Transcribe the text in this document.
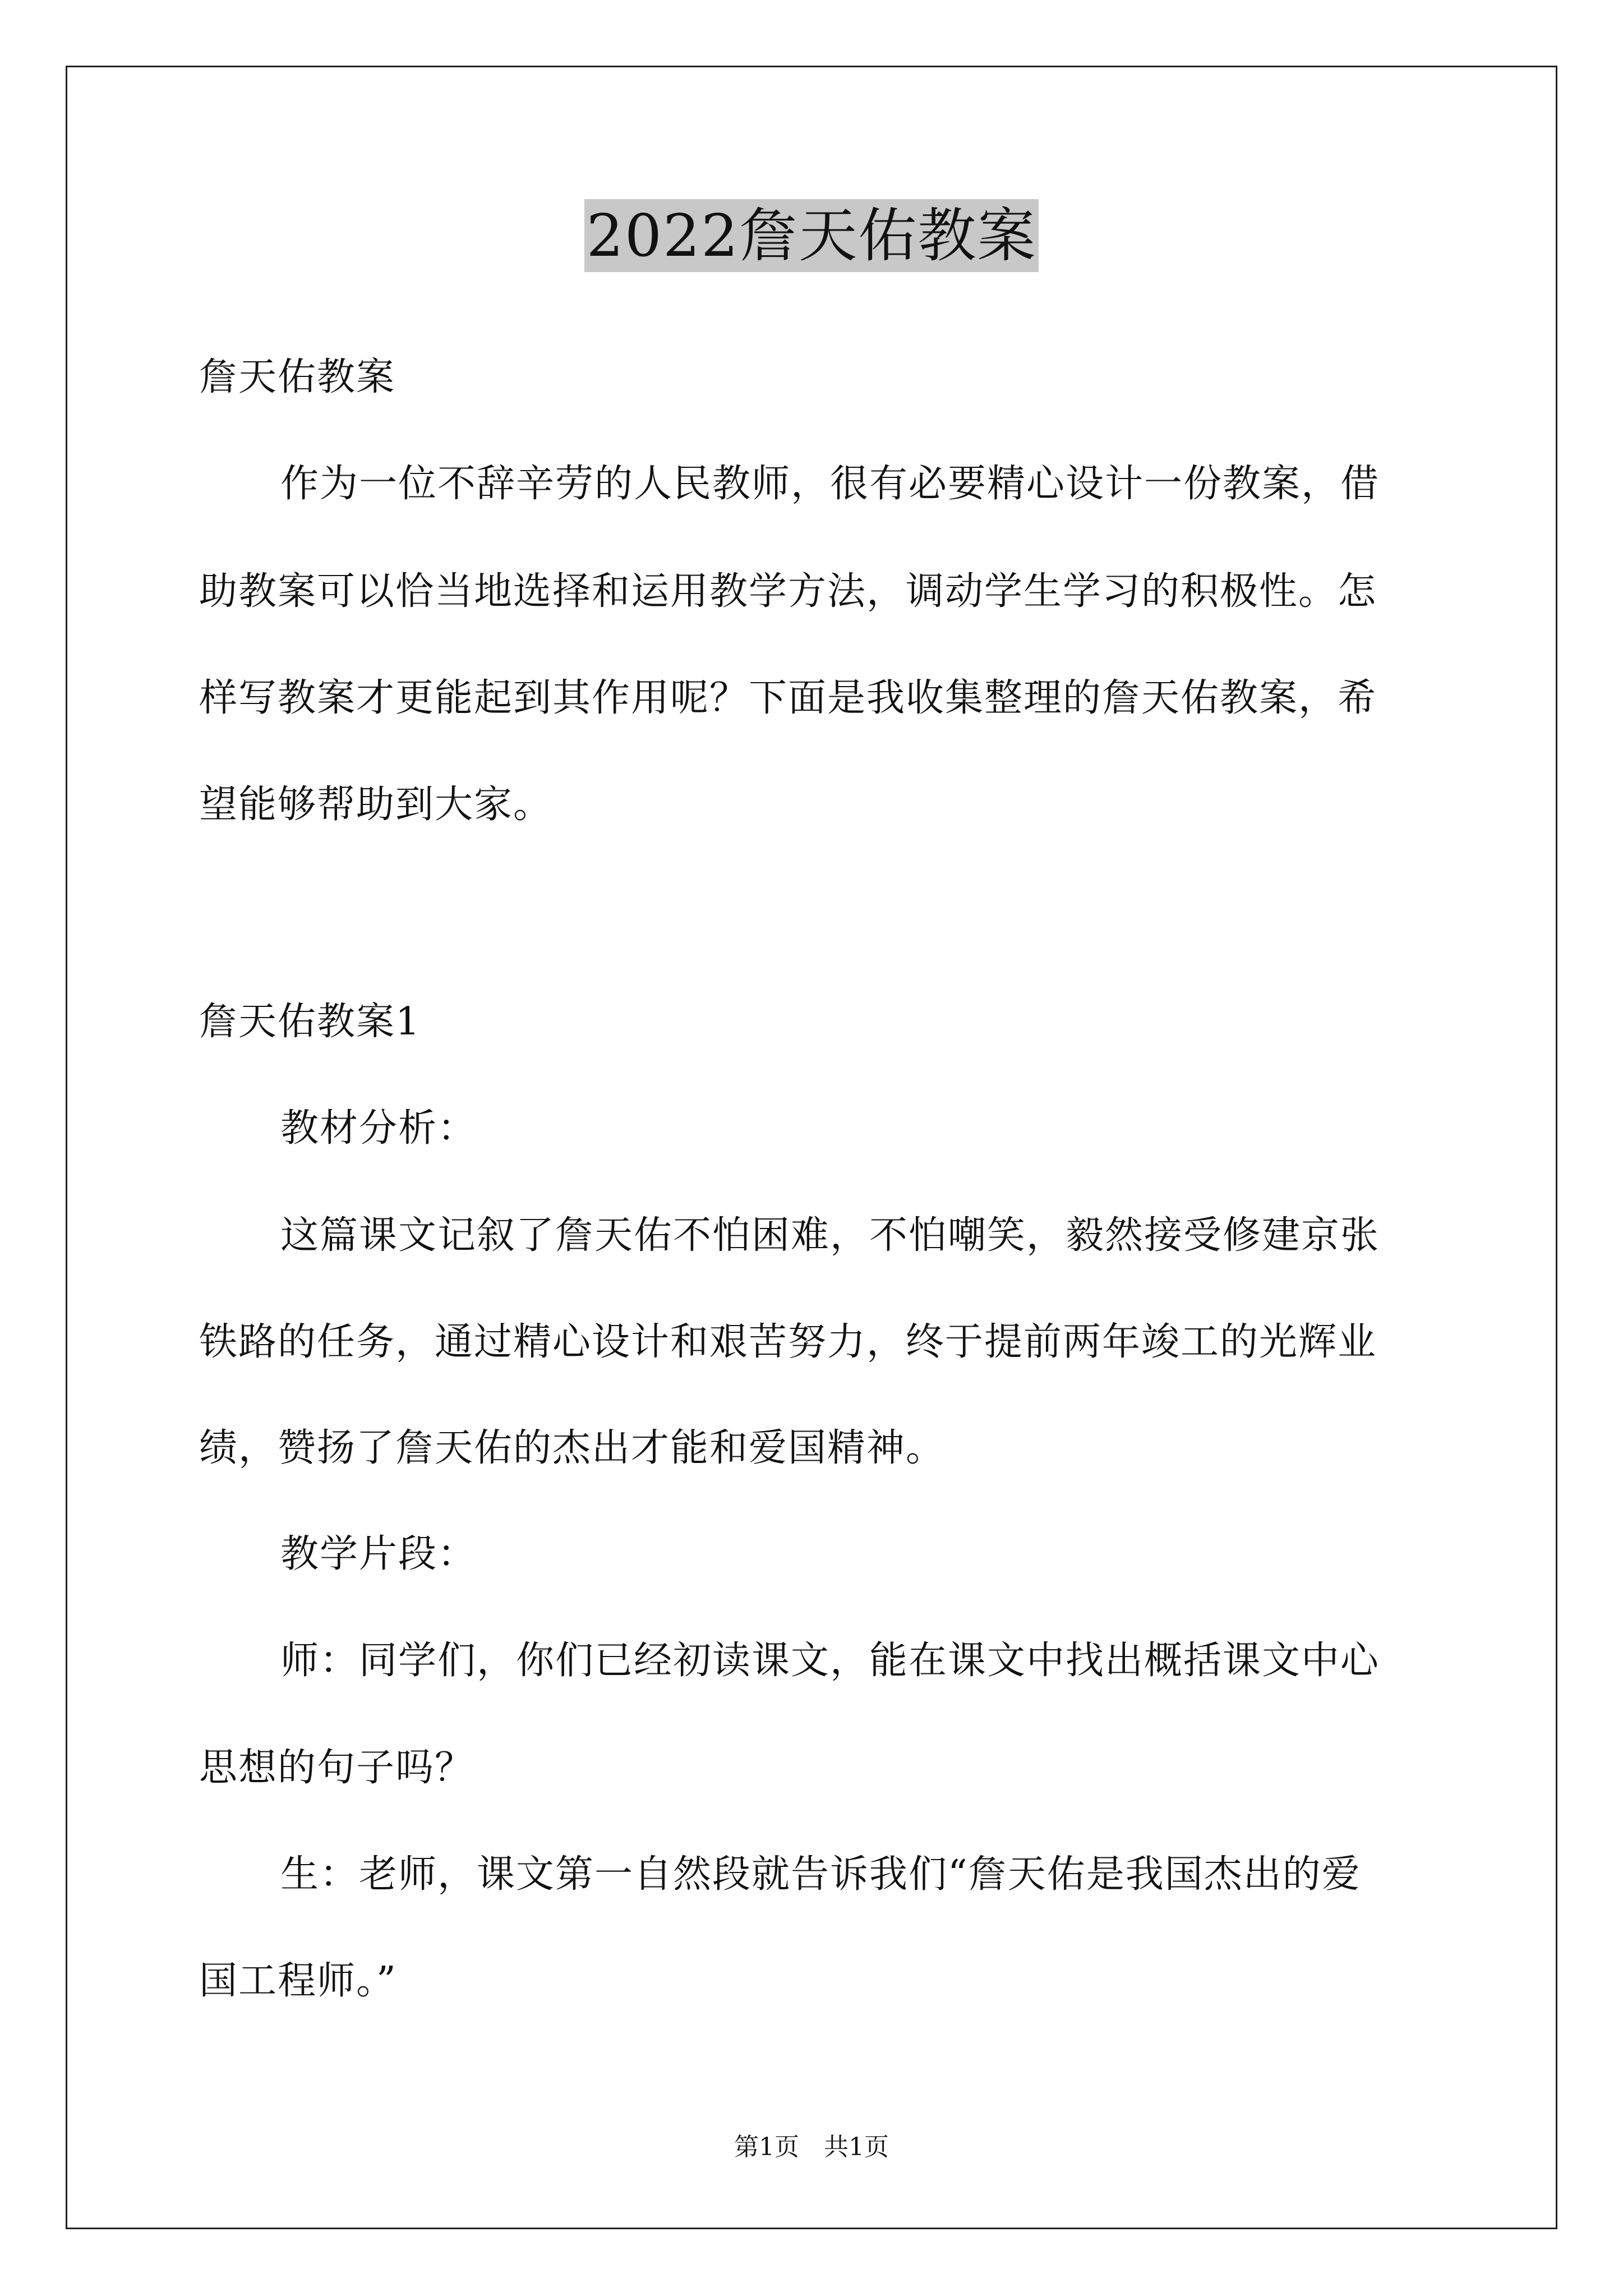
2022詹天佑教案
詹天佑教案
作为一位不辞辛劳的人民教师，很有必要精心设计一份教案，借
助教案可以恰当地选择和运用教学方法，调动学生学习的积极性。怎
样写教案才更能起到其作用呢？下面是我收集整理的詹天佑教案，希
望能够帮助到大家。
詹天佑教案1
教材分析：
这篇课文记叙了詹天佑不怕困难，不怕嘲笑，毅然接受修建京张
铁路的任务，通过精心设计和艰苦努力，终于提前两年竣工的光辉业
绩，赞扬了詹天佑的杰出才能和爱国精神。
教学片段：
师：同学们，你们已经初读课文，能在课文中找出概括课文中心
思想的句子吗？
生：老师，课文第一自然段就告诉我们“詹天佑是我国杰出的爱
国工程师。”
第1页　共1页
